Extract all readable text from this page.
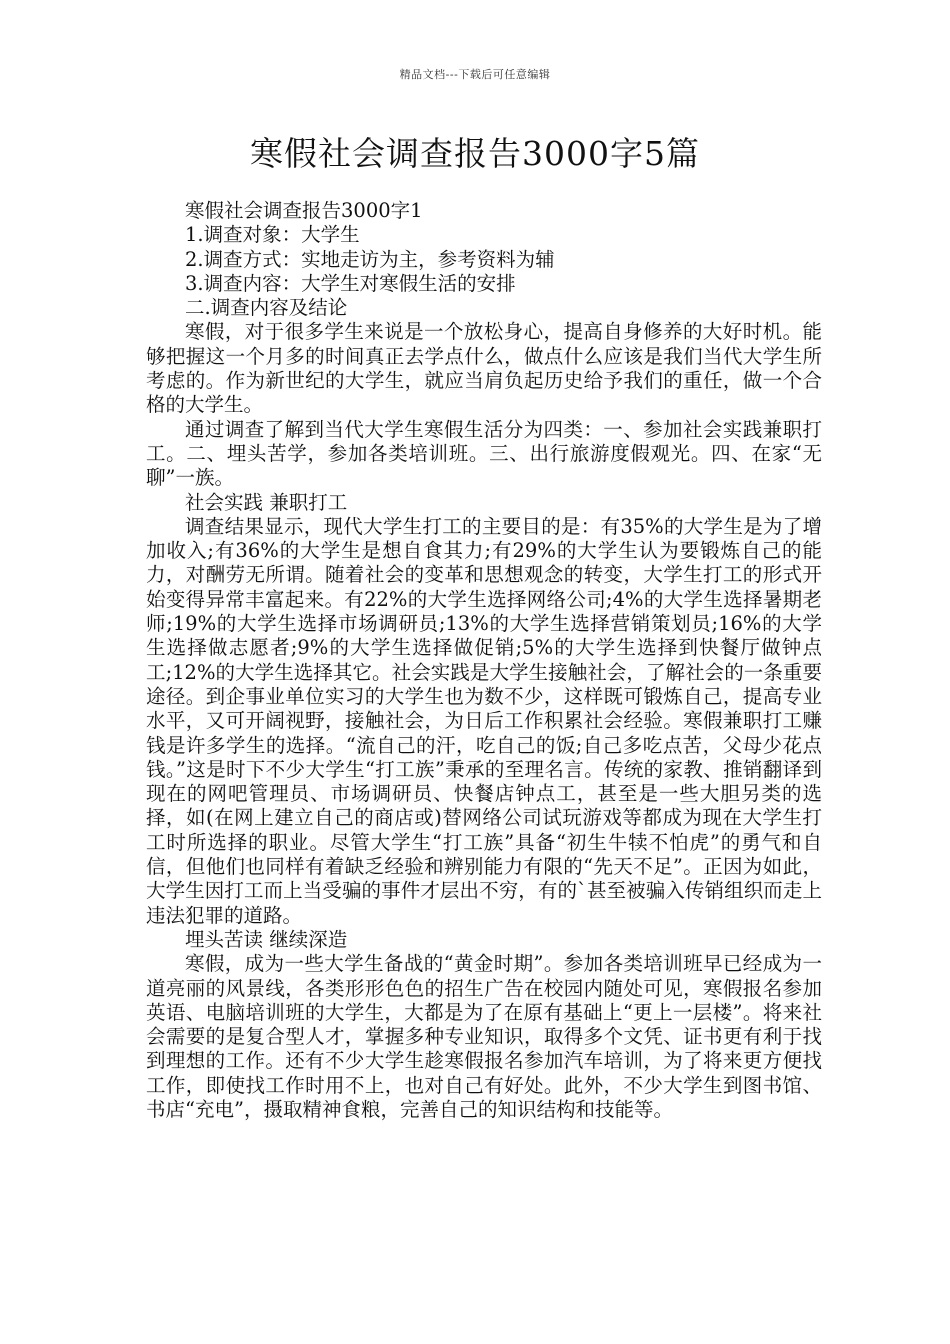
精品文档---下载后可任意编辑
寒假社会调查报告3000字5篇

寒假社会调查报告3000字1

1.调查对象：大学生

2.调查方式：实地走访为主，参考资料为辅

3.调查内容：大学生对寒假生活的安排

二.调查内容及结论

寒假，对于很多学生来说是一个放松身心，提高自身修养的大好时机。能够把握这一个月多的时间真正去学点什么，做点什么应该是我们当代大学生所考虑的。作为新世纪的大学生，就应当肩负起历史给予我们的重任，做一个合格的大学生。

通过调查了解到当代大学生寒假生活分为四类：一、参加社会实践兼职打工。二、埋头苦学，参加各类培训班。三、出行旅游度假观光。四、在家“无聊”一族。

社会实践 兼职打工

调查结果显示，现代大学生打工的主要目的是：有35%的大学生是为了增加收入;有36%的大学生是想自食其力;有29%的大学生认为要锻炼自己的能力，对酬劳无所谓。随着社会的变革和思想观念的转变，大学生打工的形式开始变得异常丰富起来。有22%的大学生选择网络公司;4%的大学生选择暑期老师;19%的大学生选择市场调研员;13%的大学生选择营销策划员;16%的大学生选择做志愿者;9%的大学生选择做促销;5%的大学生选择到快餐厅做钟点工;12%的大学生选择其它。社会实践是大学生接触社会，了解社会的一条重要途径。到企事业单位实习的大学生也为数不少，这样既可锻炼自己，提高专业水平，又可开阔视野，接触社会，为日后工作积累社会经验。寒假兼职打工赚钱是许多学生的选择。“流自己的汗，吃自己的饭;自己多吃点苦，父母少花点钱。”这是时下不少大学生“打工族”秉承的至理名言。传统的家教、推销翻译到现在的网吧管理员、市场调研员、快餐店钟点工，甚至是一些大胆另类的选择，如(在网上建立自己的商店或)替网络公司试玩游戏等都成为现在大学生打工时所选择的职业。尽管大学生“打工族”具备“初生牛犊不怕虎”的勇气和自信，但他们也同样有着缺乏经验和辨别能力有限的“先天不足”。正因为如此，大学生因打工而上当受骗的事件才层出不穷，有的`甚至被骗入传销组织而走上违法犯罪的道路。

埋头苦读 继续深造

寒假，成为一些大学生备战的“黄金时期”。参加各类培训班早已经成为一道亮丽的风景线，各类形形色色的招生广告在校园内随处可见，寒假报名参加英语、电脑培训班的大学生，大都是为了在原有基础上“更上一层楼”。将来社会需要的是复合型人才，掌握多种专业知识，取得多个文凭、证书更有利于找到理想的工作。还有不少大学生趁寒假报名参加汽车培训，为了将来更方便找工作，即使找工作时用不上，也对自己有好处。此外，不少大学生到图书馆、书店“充电”，摄取精神食粮，完善自己的知识结构和技能等。
